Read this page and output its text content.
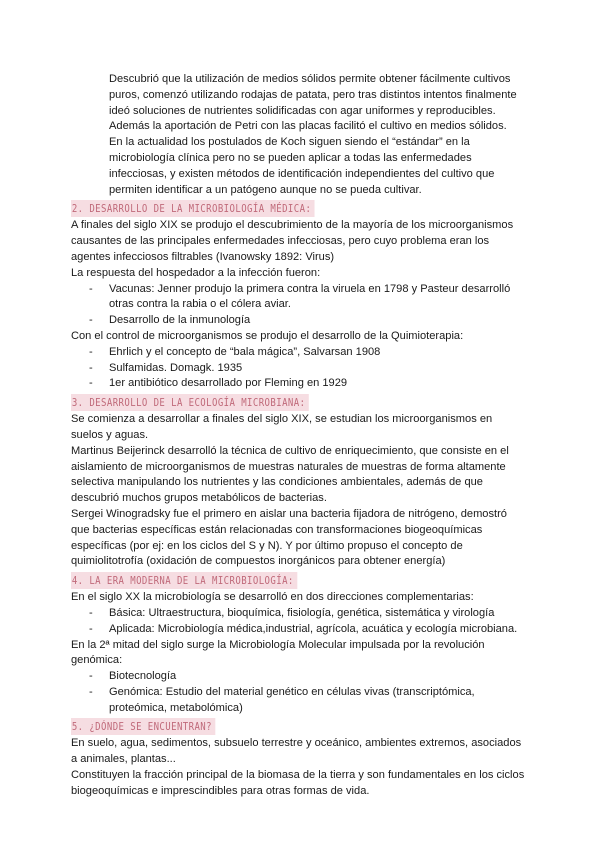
Descubrió que la utilización de medios sólidos permite obtener fácilmente cultivos

puros, comenzó utilizando rodajas de patata, pero tras distintos intentos finalmente

ideó soluciones de nutrientes solidificadas con agar uniformes y reproducibles.

Además la aportación de Petri con las placas facilitó el cultivo en medios sólidos.

En la actualidad los postulados de Koch siguen siendo el “estándar” en la

microbiología clínica pero no se pueden aplicar a todas las enfermedades

infecciosas, y existen métodos de identificación independientes del cultivo que

permiten identificar a un patógeno aunque no se pueda cultivar.

2. DESARROLLO DE LA MICROBIOLOGÍA MÉDICA:

A finales del siglo XIX se produjo el descubrimiento de la mayoría de los microorganismos

causantes de las principales enfermedades infecciosas, pero cuyo problema eran los

agentes infecciosos filtrables (Ivanowsky 1892: Virus)

La respuesta del hospedador a la infección fueron:

- Vacunas: Jenner produjo la primera contra la viruela en 1798 y Pasteur desarrolló
otras contra la rabia o el cólera aviar.
- Desarrollo de la inmunología

Con el control de microorganismos se produjo el desarrollo de la Quimioterapia:

- Ehrlich y el concepto de “bala mágica”, Salvarsan 1908
- Sulfamidas. Domagk. 1935
- 1er antibiótico desarrollado por Fleming en 1929
3. DESARROLLO DE LA ECOLOGÍA MICROBIANA:

Se comienza a desarrollar a finales del siglo XIX, se estudian los microorganismos en

suelos y aguas.

Martinus Beijerinck desarrolló la técnica de cultivo de enriquecimiento, que consiste en el

aislamiento de microorganismos de muestras naturales de muestras de forma altamente

selectiva manipulando los nutrientes y las condiciones ambientales, además de que

descubrió muchos grupos metabólicos de bacterias.

Sergei Winogradsky fue el primero en aislar una bacteria fijadora de nitrógeno, demostró

que bacterias específicas están relacionadas con transformaciones biogeoquímicas

específicas (por ej: en los ciclos del S y N). Y por último propuso el concepto de

quimiolitotrofía (oxidación de compuestos inorgánicos para obtener energía)

4. LA ERA MODERNA DE LA MICROBIOLOGÍA:

En el siglo XX la microbiología se desarrolló en dos direcciones complementarias:

- Básica: Ultraestructura, bioquímica, fisiología, genética, sistemática y virología
- Aplicada: Microbiología médica,industrial, agrícola, acuática y ecología microbiana.

En la 2ª mitad del siglo surge la Microbiología Molecular impulsada por la revolución

genómica:

- Biotecnología
- Genómica: Estudio del material genético en células vivas (transcriptómica,
proteómica, metabolómica)
5. ¿DÓNDE SE ENCUENTRAN?

En suelo, agua, sedimentos, subsuelo terrestre y oceánico, ambientes extremos, asociados

a animales, plantas...

Constituyen la fracción principal de la biomasa de la tierra y son fundamentales en los ciclos

biogeoquímicas e imprescindibles para otras formas de vida.
